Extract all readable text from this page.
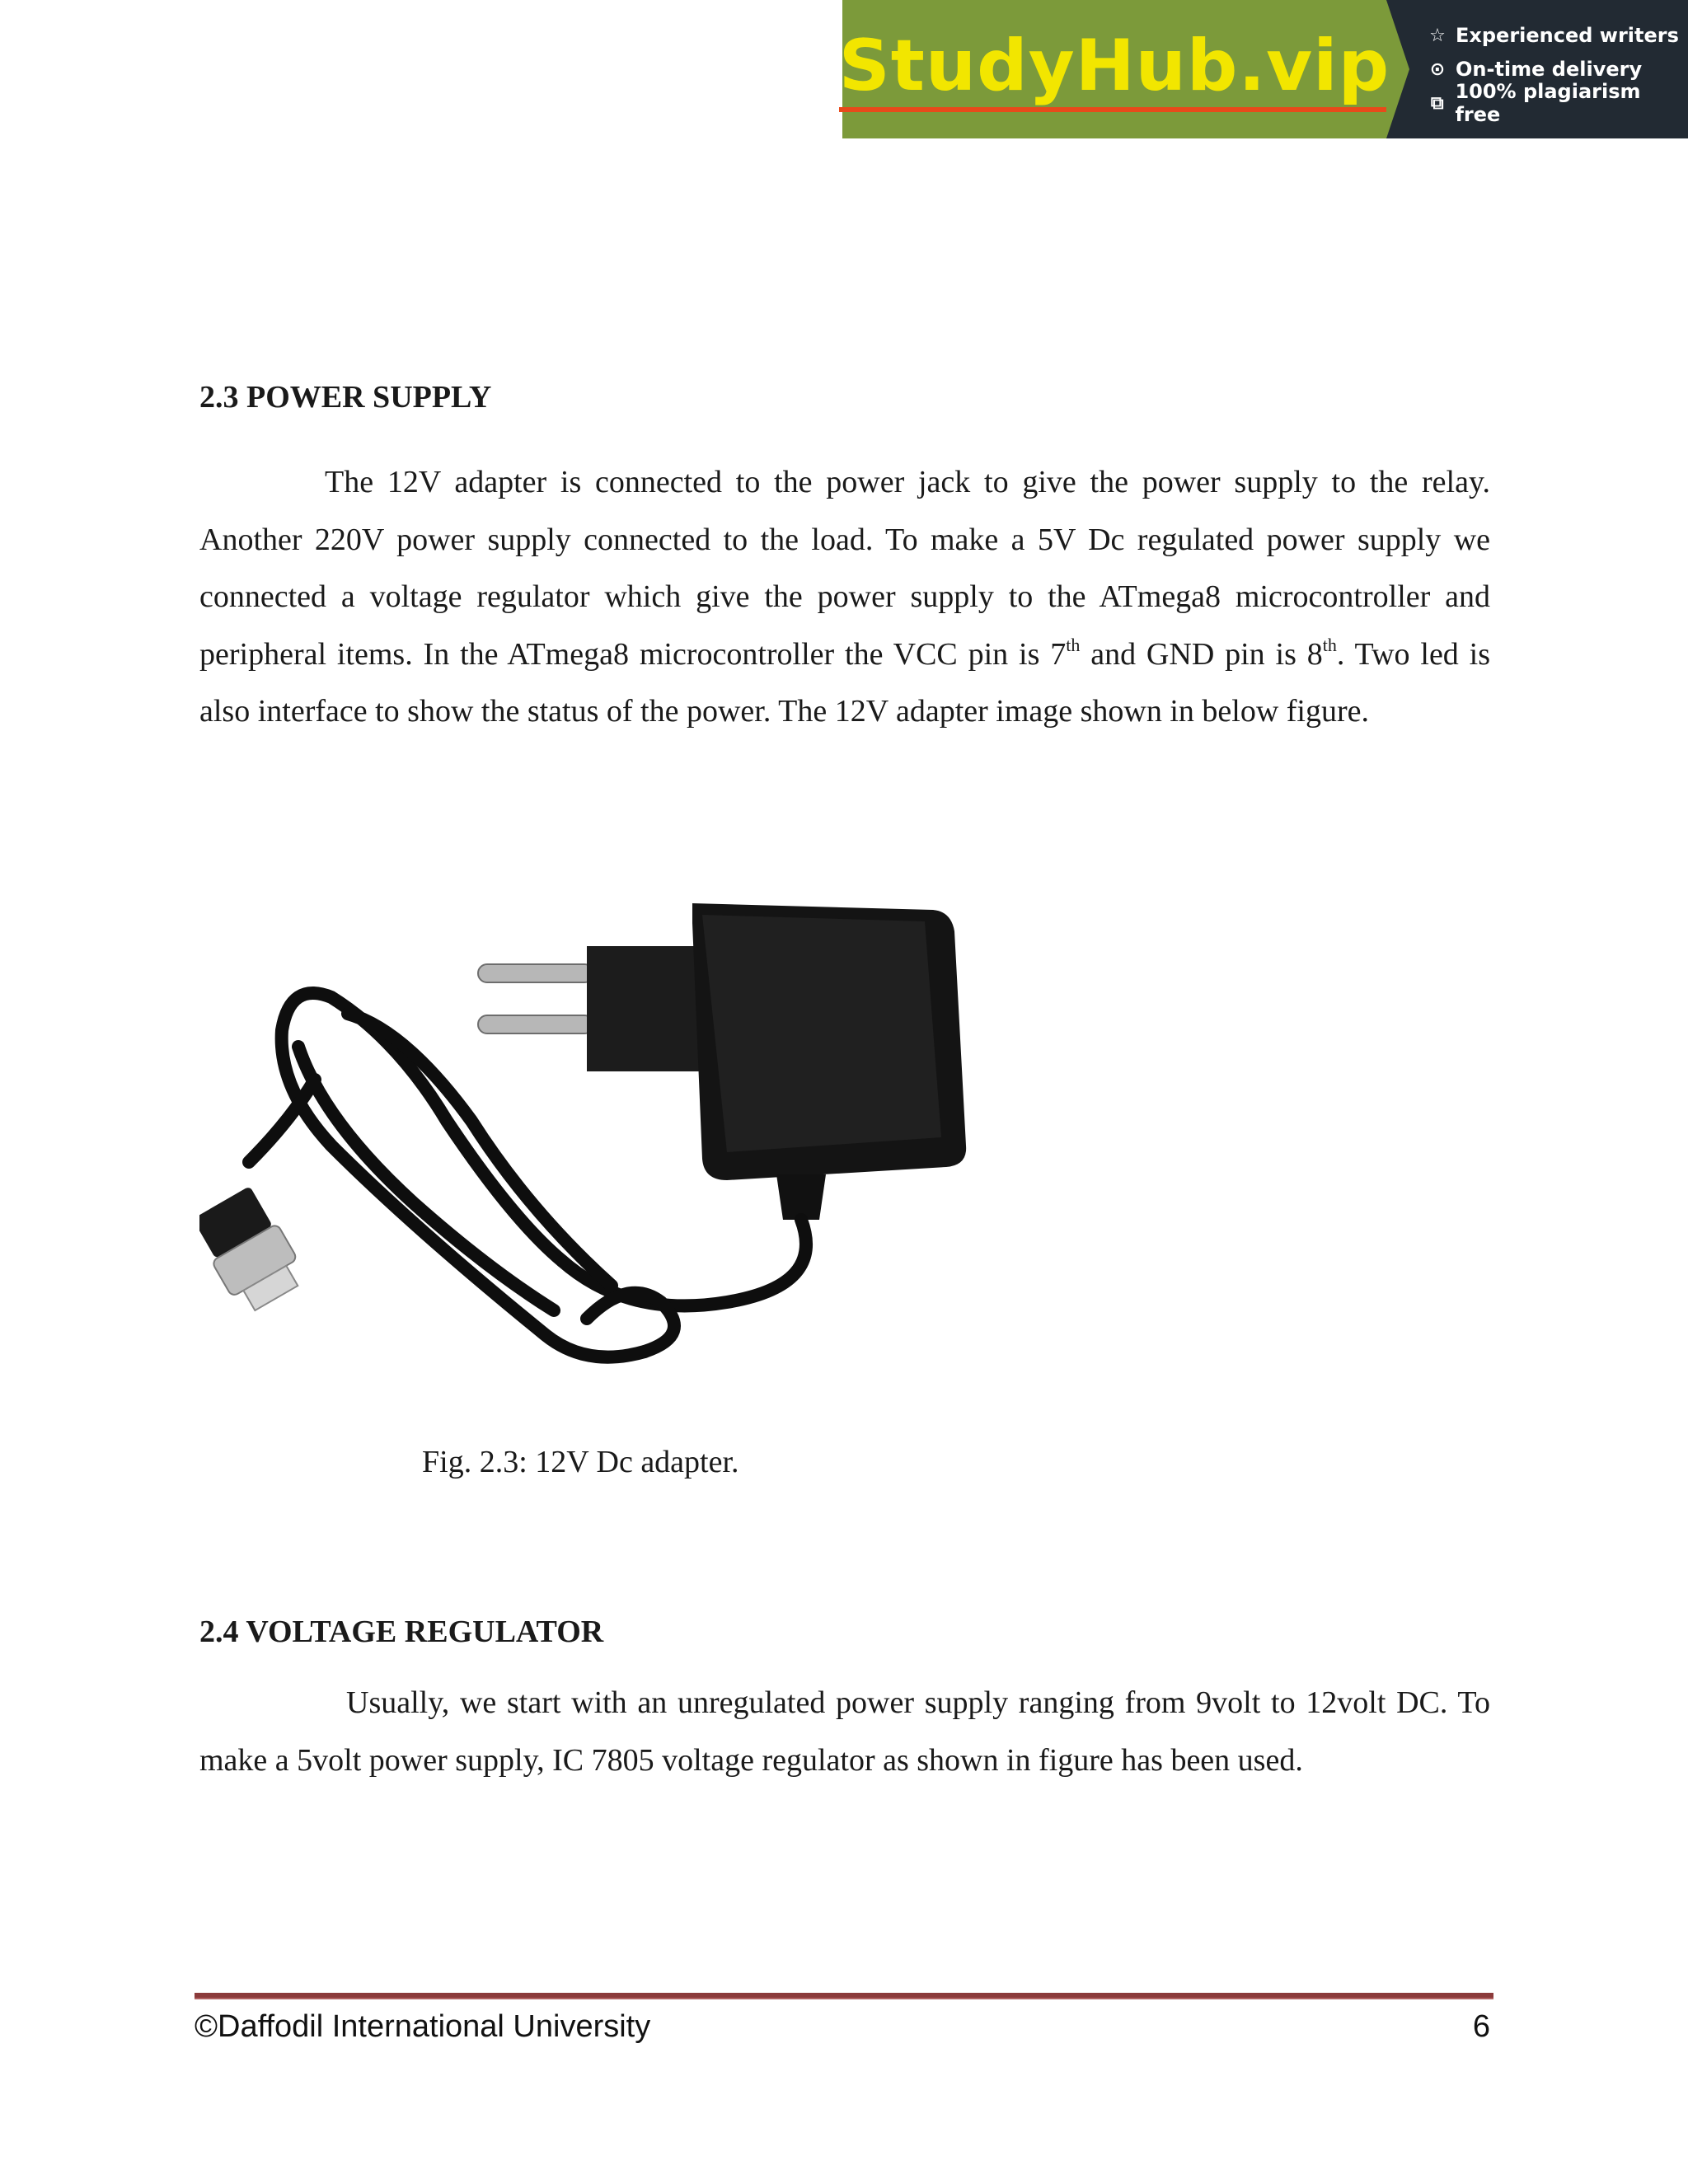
StudyHub.vip ☆ Experienced writers
⊙ On-time delivery
⧉ 100% plagiarism free
2.3 POWER SUPPLY
The 12V adapter is connected to the power jack to give the power supply to the relay. Another 220V power supply connected to the load. To make a 5V Dc regulated power supply we connected a voltage regulator which give the power supply to the ATmega8 microcontroller and peripheral items. In the ATmega8 microcontroller the VCC pin is 7th and GND pin is 8th. Two led is also interface to show the status of the power. The 12V adapter image shown in below figure.
Fig. 2.3: 12V Dc adapter.
2.4 VOLTAGE REGULATOR
Usually, we start with an unregulated power supply ranging from 9volt to 12volt DC. To make a 5volt power supply, IC 7805 voltage regulator as shown in figure has been used.
©Daffodil International University	6
